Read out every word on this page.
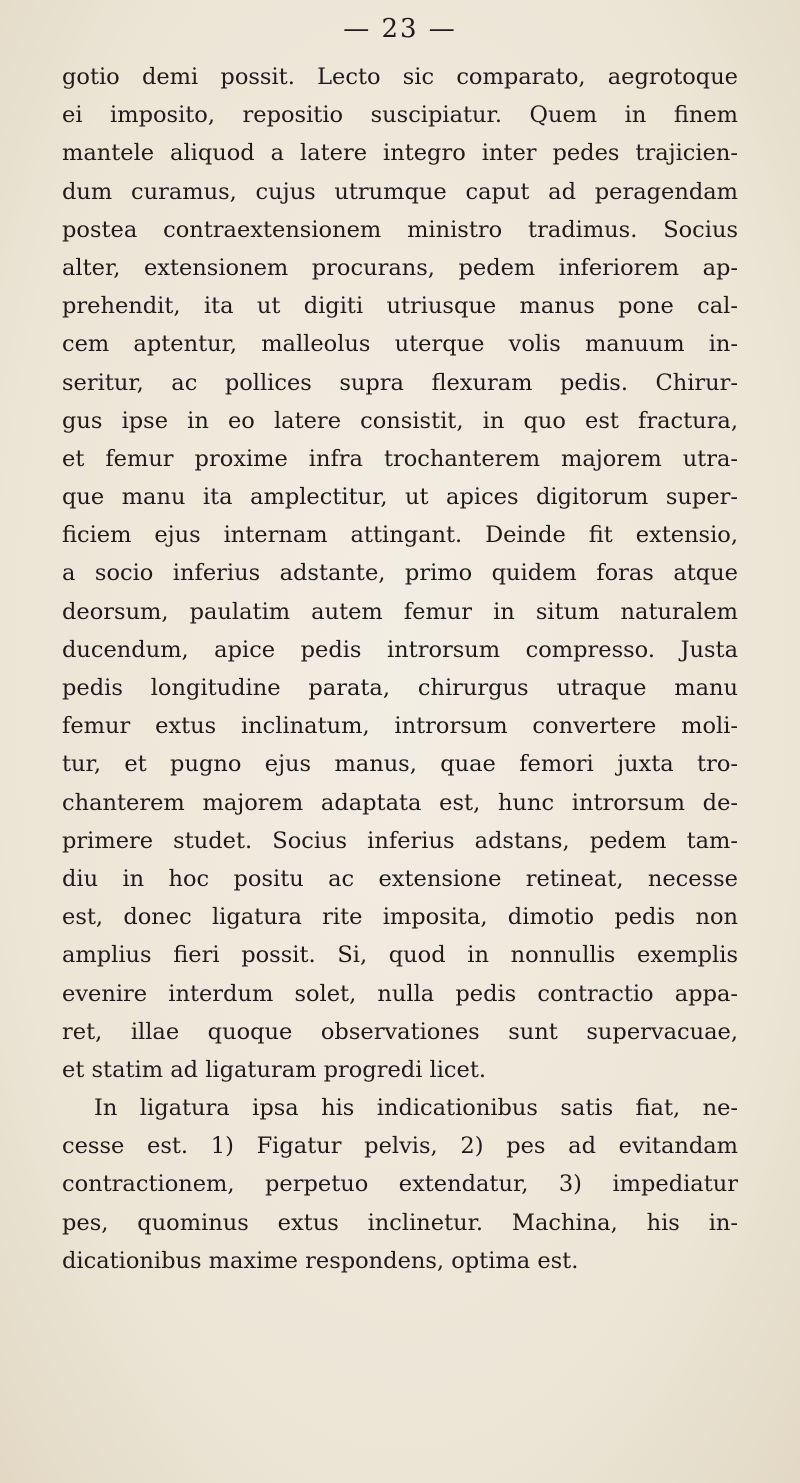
— 23 —
gotio demi possit. Lecto sic comparato, aegrotoque
ei imposito, repositio suscipiatur. Quem in finem
mantele aliquod a latere integro inter pedes trajicien-
dum curamus, cujus utrumque caput ad peragendam
postea contraextensionem ministro tradimus. Socius
alter, extensionem procurans, pedem inferiorem ap-
prehendit, ita ut digiti utriusque manus pone cal-
cem aptentur, malleolus uterque volis manuum in-
seritur, ac pollices supra flexuram pedis. Chirur-
gus ipse in eo latere consistit, in quo est fractura,
et femur proxime infra trochanterem majorem utra-
que manu ita amplectitur, ut apices digitorum super-
ficiem ejus internam attingant. Deinde fit extensio,
a socio inferius adstante, primo quidem foras atque
deorsum, paulatim autem femur in situm naturalem
ducendum, apice pedis introrsum compresso. Justa
pedis longitudine parata, chirurgus utraque manu
femur extus inclinatum, introrsum convertere moli-
tur, et pugno ejus manus, quae femori juxta tro-
chanterem majorem adaptata est, hunc introrsum de-
primere studet. Socius inferius adstans, pedem tam-
diu in hoc positu ac extensione retineat, necesse
est, donec ligatura rite imposita, dimotio pedis non
amplius fieri possit. Si, quod in nonnullis exemplis
evenire interdum solet, nulla pedis contractio appa-
ret, illae quoque observationes sunt supervacuae,
et statim ad ligaturam progredi licet.
In ligatura ipsa his indicationibus satis fiat, ne-
cesse est. 1) Figatur pelvis, 2) pes ad evitandam
contractionem, perpetuo extendatur, 3) impediatur
pes, quominus extus inclinetur. Machina, his in-
dicationibus maxime respondens, optima est.
